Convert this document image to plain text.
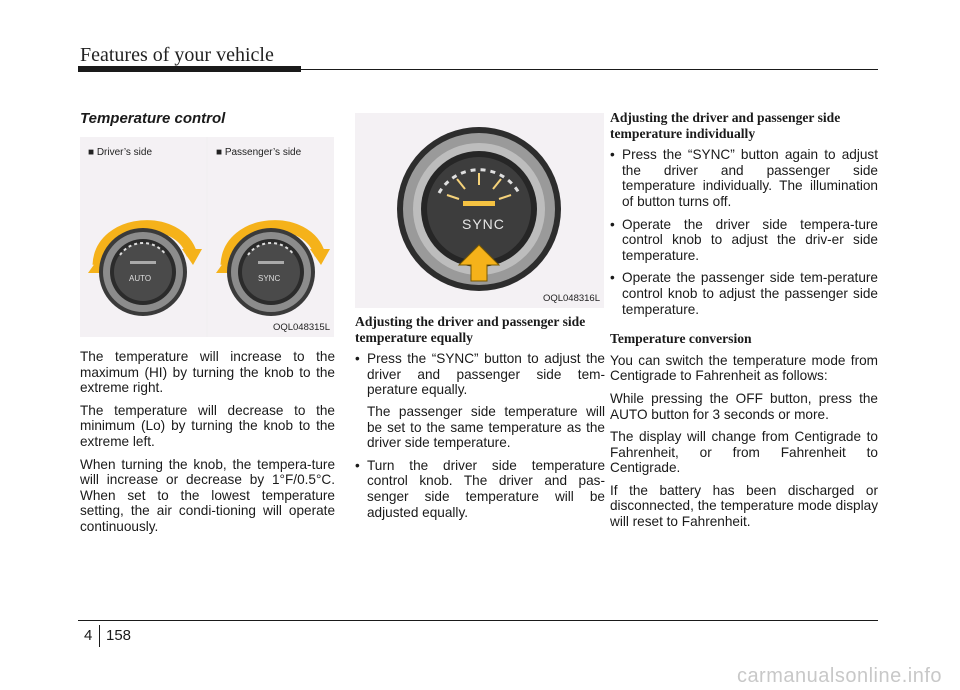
Features of your vehicle
Temperature control
■ Driver’s side
AUTO
■ Passenger’s side
SYNC
OQL048315L

The temperature will increase to the maximum (HI) by turning the knob to the extreme right.

The temperature will decrease to the minimum (Lo) by turning the knob to the extreme left.

When turning the knob, the tempera-ture will increase or decrease by 1°F/0.5°C. When set to the lowest temperature setting, the air condi-tioning will operate continuously.

SYNC
OQL048316L
Adjusting the driver and passenger side temperature equally
• Press the “SYNC” button to adjust the driver and passenger side tem-perature equally.

The passenger side temperature will be set to the same temperature as the driver side temperature.

• Turn the driver side temperature control knob. The driver and pas-senger side temperature will be adjusted equally.
Adjusting the driver and passenger side temperature individually
• Press the “SYNC” button again to adjust the driver and passenger side temperature individually. The illumination of button turns off.
• Operate the driver side tempera-ture control knob to adjust the driv-er side temperature.
• Operate the passenger side tem-perature control knob to adjust the passenger side temperature.
Temperature conversion

You can switch the temperature mode from Centigrade to Fahrenheit as follows:

While pressing the OFF button, press the AUTO button for 3 seconds or more.

The display will change from Centigrade to Fahrenheit, or from Fahrenheit to Centigrade.

If the battery has been discharged or disconnected, the temperature mode display will reset to Fahrenheit.

4 158
carmanualsonline.info
